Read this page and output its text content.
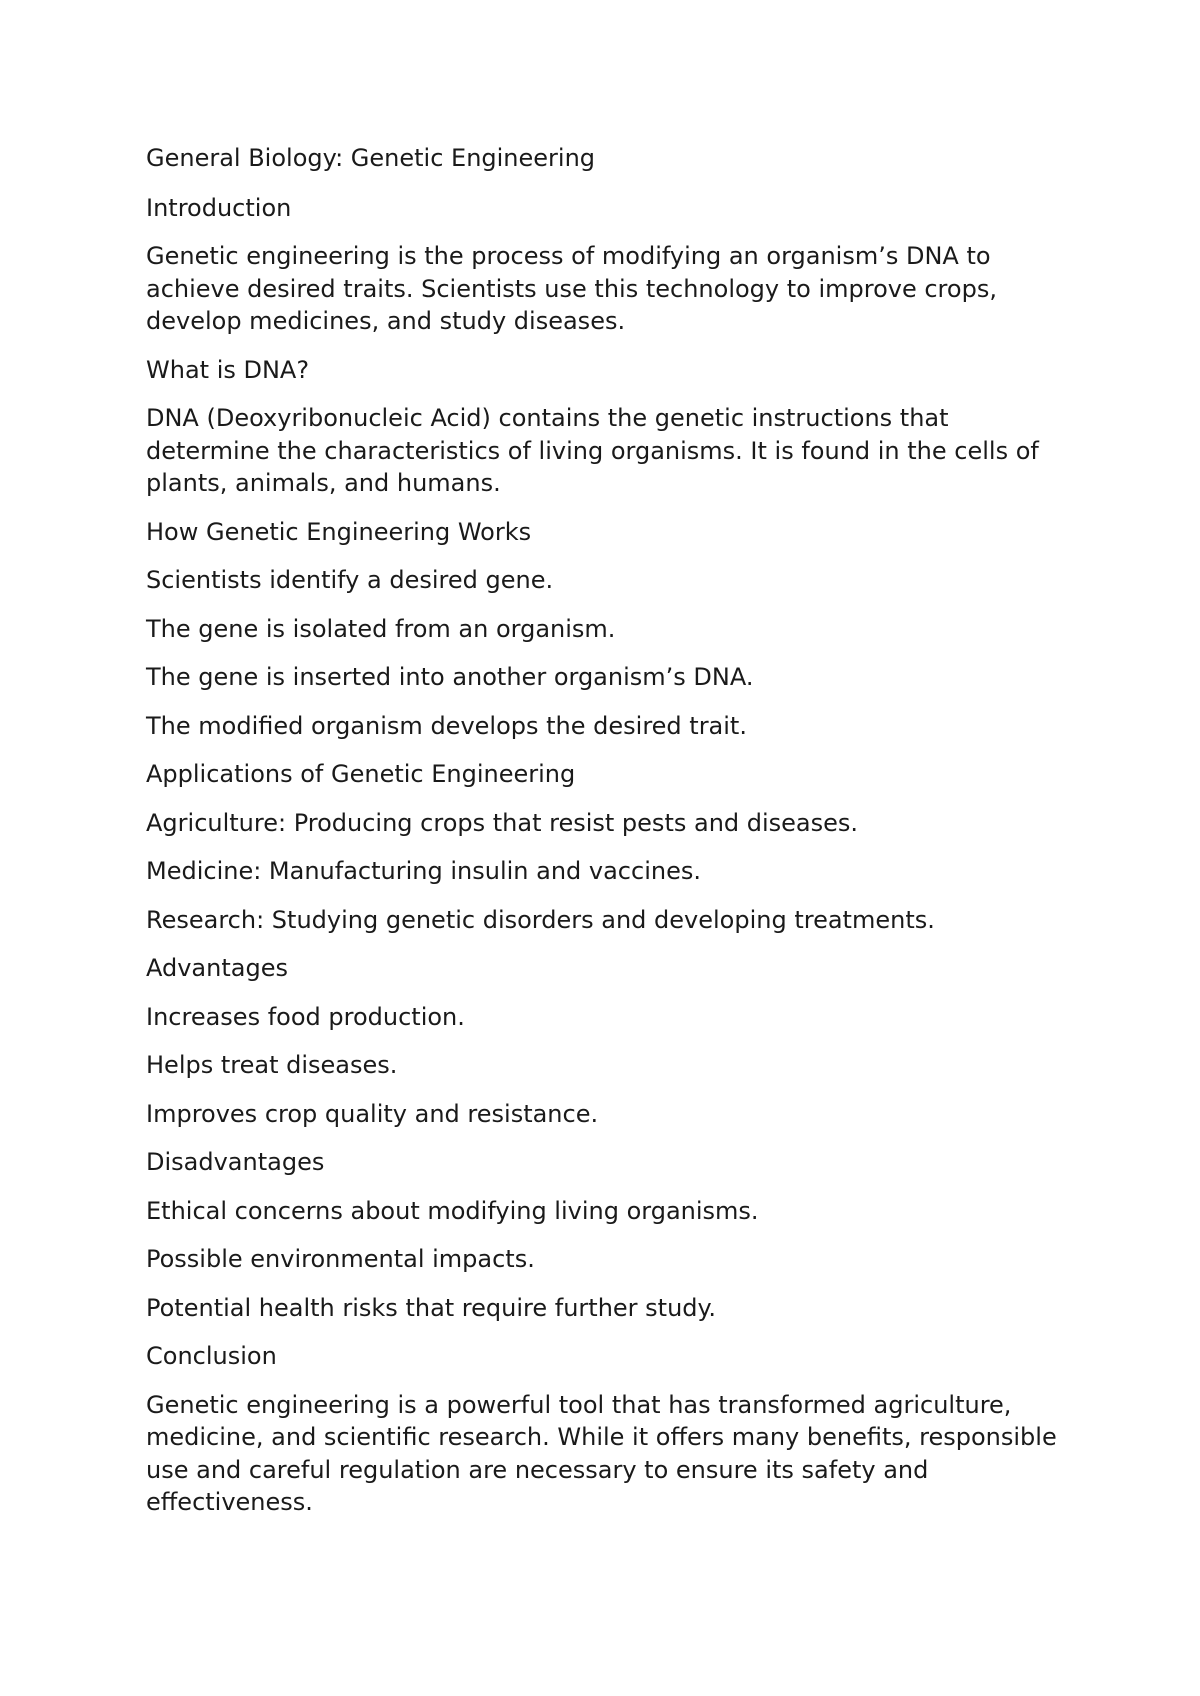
General Biology: Genetic Engineering

Introduction

Genetic engineering is the process of modifying an organism’s DNA to achieve desired traits. Scientists use this technology to improve crops, develop medicines, and study diseases.

What is DNA?

DNA (Deoxyribonucleic Acid) contains the genetic instructions that determine the characteristics of living organisms. It is found in the cells of plants, animals, and humans.

How Genetic Engineering Works

Scientists identify a desired gene.

The gene is isolated from an organism.

The gene is inserted into another organism’s DNA.

The modified organism develops the desired trait.

Applications of Genetic Engineering

Agriculture: Producing crops that resist pests and diseases.

Medicine: Manufacturing insulin and vaccines.

Research: Studying genetic disorders and developing treatments.

Advantages

Increases food production.

Helps treat diseases.

Improves crop quality and resistance.

Disadvantages

Ethical concerns about modifying living organisms.

Possible environmental impacts.

Potential health risks that require further study.

Conclusion

Genetic engineering is a powerful tool that has transformed agriculture, medicine, and scientific research. While it offers many benefits, responsible use and careful regulation are necessary to ensure its safety and effectiveness.
